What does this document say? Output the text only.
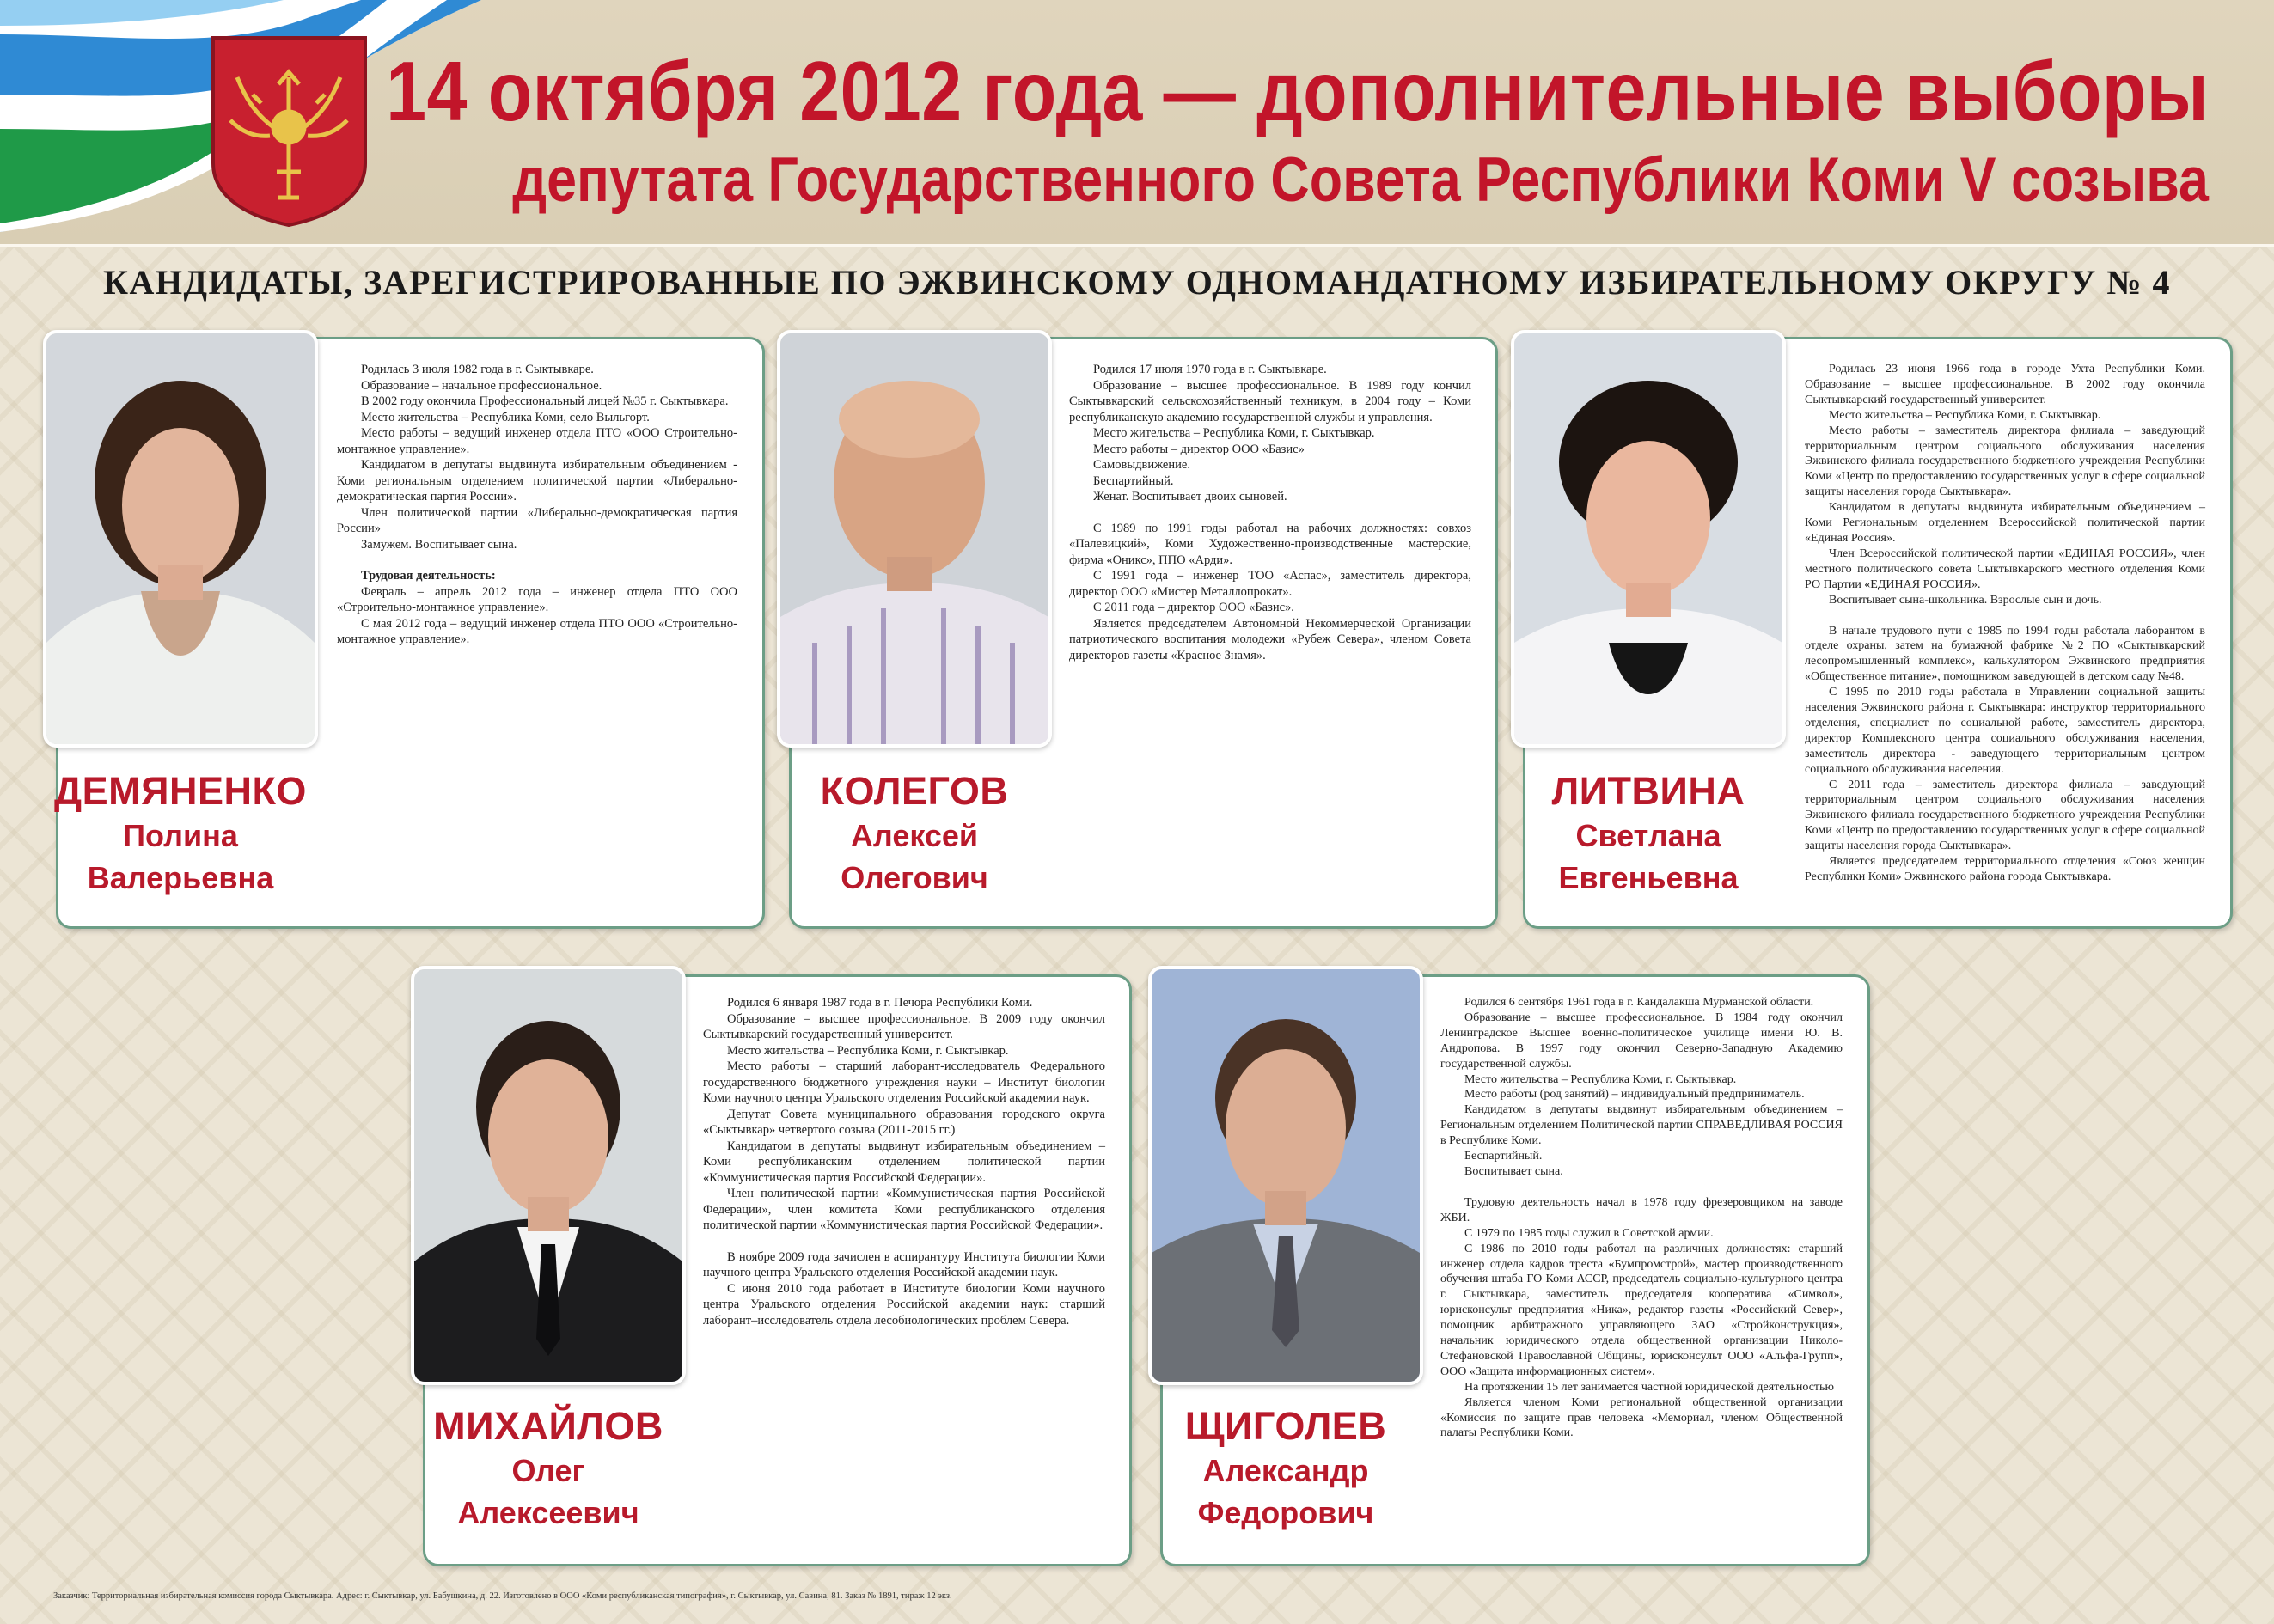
14 октября 2012 года — дополнительные выборы
депутата Государственного Совета Республики Коми V созыва
КАНДИДАТЫ, ЗАРЕГИСТРИРОВАННЫЕ ПО ЭЖВИНСКОМУ ОДНОМАНДАТНОМУ ИЗБИРАТЕЛЬНОМУ ОКРУГУ № 4
ДЕМЯНЕНКО
Полина
Валерьевна

Родилась 3 июля 1982 года в г. Сыктывкаре.

Образование – начальное профессиональное.

В 2002 году окончила Профессиональный лицей №35 г. Сыктывкара.

Место жительства – Республика Коми, село Выльгорт.

Место работы – ведущий инженер отдела ПТО «ООО Строительно-монтажное управление».

Кандидатом в депутаты выдвинута избирательным объединением - Коми региональным отделением политической партии «Либерально-демократическая партия России».

Член политической партии «Либерально-демократическая партия России»

Замужем. Воспитывает сына.

Трудовая деятельность:

Февраль – апрель 2012 года – инженер отдела ПТО ООО «Строительно-монтажное управление».

С мая 2012 года – ведущий инженер отдела ПТО ООО «Строительно-монтажное управление».

КОЛЕГОВ
Алексей
Олегович

Родился 17 июля 1970 года в г. Сыктывкаре.

Образование – высшее профессиональное. В 1989 году кончил Сыктывкарский сельскохозяйственный техникум, в 2004 году – Коми республиканскую академию государственной службы и управления.

Место жительства – Республика Коми, г. Сыктывкар.

Место работы – директор ООО «Базис»

Самовыдвижение.

Беспартийный.

Женат. Воспитывает двоих сыновей.

С 1989 по 1991 годы работал на рабочих должностях: совхоз «Палевицкий», Коми Художественно-производственные мастерские, фирма «Оникс», ППО «Арди».

С 1991 года – инженер ТОО «Аспас», заместитель директора, директор ООО «Мистер Металлопрокат».

С 2011 года – директор ООО «Базис».

Является председателем Автономной Некоммерческой Организации патриотического воспитания молодежи «Рубеж Севера», членом Совета директоров газеты «Красное Знамя».

ЛИТВИНА
Светлана
Евгеньевна

Родилась 23 июня 1966 года в городе Ухта Республики Коми. Образование – высшее профессиональное. В 2002 году окончила Сыктывкарский государственный университет.

Место жительства – Республика Коми, г. Сыктывкар.

Место работы – заместитель директора филиала – заведующий территориальным центром социального обслуживания населения Эжвинского филиала государственного бюджетного учреждения Республики Коми «Центр по предоставлению государственных услуг в сфере социальной защиты населения города Сыктывкара».

Кандидатом в депутаты выдвинута избирательным объединением – Коми Региональным отделением Всероссийской политической партии «Единая Россия».

Член Всероссийской политической партии «ЕДИНАЯ РОССИЯ», член местного политического совета Сыктывкарского местного отделения Коми РО Партии «ЕДИНАЯ РОССИЯ».

Воспитывает сына-школьника. Взрослые сын и дочь.

В начале трудового пути с 1985 по 1994 годы работала лаборантом в отделе охраны, затем на бумажной фабрике №2 ПО «Сыктывкарский лесопромышленный комплекс», калькулятором Эжвинского предприятия «Общественное питание», помощником заведующей в детском саду №48.

С 1995 по 2010 годы работала в Управлении социальной защиты населения Эжвинского района г. Сыктывкара: инструктор территориального отделения, специалист по социальной работе, заместитель директора, директор Комплексного центра социального обслуживания населения, заместитель директора - заведующего территориальным центром социального обслуживания населения.

С 2011 года – заместитель директора филиала – заведующий территориальным центром социального обслуживания населения Эжвинского филиала государственного бюджетного учреждения Республики Коми «Центр по предоставлению государственных услуг в сфере социальной защиты населения города Сыктывкара».

Является председателем территориального отделения «Союз женщин Республики Коми» Эжвинского района города Сыктывкара.

МИХАЙЛОВ
Олег
Алексеевич

Родился 6 января 1987 года в г. Печора Республики Коми.

Образование – высшее профессиональное. В 2009 году окончил Сыктывкарский государственный университет.

Место жительства – Республика Коми, г. Сыктывкар.

Место работы – старший лаборант-исследователь Федерального государственного бюджетного учреждения науки – Институт биологии Коми научного центра Уральского отделения Российской академии наук.

Депутат Совета муниципального образования городского округа «Сыктывкар» четвертого созыва (2011-2015 гг.)

Кандидатом в депутаты выдвинут избирательным объединением – Коми республиканским отделением политической партии «Коммунистическая партия Российской Федерации».

Член политической партии «Коммунистическая партия Российской Федерации», член комитета Коми республиканского отделения политической партии «Коммунистическая партия Российской Федерации».

В ноябре 2009 года зачислен в аспирантуру Института биологии Коми научного центра Уральского отделения Российской академии наук.

С июня 2010 года работает в Институте биологии Коми научного центра Уральского отделения Российской академии наук: старший лаборант–исследователь отдела лесобиологических проблем Севера.

ЩИГОЛЕВ
Александр
Федорович

Родился 6 сентября 1961 года в г. Кандалакша Мурманской области.

Образование – высшее профессиональное. В 1984 году окончил Ленинградское Высшее военно-политическое училище имени Ю. В. Андропова. В 1997 году окончил Северно-Западную Академию государственной службы.

Место жительства – Республика Коми, г. Сыктывкар.

Место работы (род занятий) – индивидуальный предприниматель.

Кандидатом в депутаты выдвинут избирательным объединением – Региональным отделением Политической партии СПРАВЕДЛИВАЯ РОССИЯ в Республике Коми.

Беспартийный.

Воспитывает сына.

Трудовую деятельность начал в 1978 году фрезеровщиком на заводе ЖБИ.

С 1979 по 1985 годы служил в Советской армии.

С 1986 по 2010 годы работал на различных должностях: старший инженер отдела кадров треста «Бумпромстрой», мастер производственного обучения штаба ГО Коми АССР, председатель социально-культурного центра г. Сыктывкара, заместитель председателя кооператива «Символ», юрисконсульт предприятия «Ника», редактор газеты «Российский Север», помощник арбитражного управляющего ЗАО «Стройконструкция», начальник юридического отдела общественной организации Николо-Стефановской Православной Общины, юрисконсульт ООО «Альфа-Групп», ООО «Защита информационных систем».

На протяжении 15 лет занимается частной юридической деятельностью

Является членом Коми региональной общественной организации «Комиссия по защите прав человека «Мемориал, членом Общественной палаты Республики Коми.

Заказчик: Территориальная избирательная комиссия города Сыктывкара. Адрес: г. Сыктывкар, ул. Бабушкина, д. 22. Изготовлено в ООО «Коми республиканская типография», г. Сыктывкар, ул. Савина, 81. Заказ № 1891, тираж 12 экз.
